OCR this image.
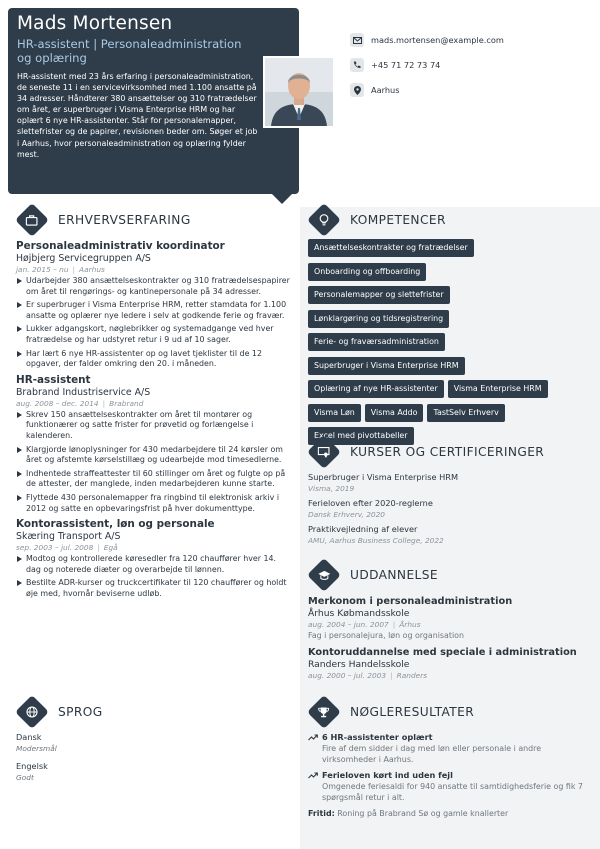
Mads Mortensen
HR-assistent | Personaleadministration og oplæring
HR-assistent med 23 års erfaring i personaleadministration, de seneste 11 i en servicevirksomhed med 1.100 ansatte på 34 adresser. Håndterer 380 ansættelser og 310 fratrædelser om året, er superbruger i Visma Enterprise HRM og har oplært 6 nye HR-assistenter. Står for personalemapper, slettefrister og de papirer, revisionen beder om. Søger et job i Aarhus, hvor personaleadministration og oplæring fylder mest.
mads.mortensen@example.com
+45 71 72 73 74
Aarhus
ERHVERVSERFARING
Personaleadministrativ koordinator
Højbjerg Servicegruppen A/S
jan. 2015 – nu | Aarhus
Udarbejder 380 ansættelseskontrakter og 310 fratrædelsespapirer om året til rengørings- og kantinepersonale på 34 adresser.
Er superbruger i Visma Enterprise HRM, retter stamdata for 1.100 ansatte og oplærer nye ledere i selv at godkende ferie og fravær.
Lukker adgangskort, nøglebrikker og systemadgange ved hver fratrædelse og har udstyret retur i 9 ud af 10 sager.
Har lært 6 nye HR-assistenter op og lavet tjeklister til de 12 opgaver, der falder omkring den 20. i måneden.
HR-assistent
Brabrand Industriservice A/S
aug. 2008 – dec. 2014 | Brabrand
Skrev 150 ansættelseskontrakter om året til montører og funktionærer og satte frister for prøvetid og forlængelse i kalenderen.
Klargjorde lønoplysninger for 430 medarbejdere til 24 kørsler om året og afstemte kørselstillæg og udearbejde mod timesedlerne.
Indhentede straffeattester til 60 stillinger om året og fulgte op på de attester, der manglede, inden medarbejderen kunne starte.
Flyttede 430 personalemapper fra ringbind til elektronisk arkiv i 2012 og satte en opbevaringsfrist på hver dokumenttype.
Kontorassistent, løn og personale
Skæring Transport A/S
sep. 2003 – jul. 2008 | Egå
Modtog og kontrollerede køresedler fra 120 chauffører hver 14. dag og noterede diæter og overarbejde til lønnen.
Bestilte ADR-kurser og truckcertifikater til 120 chauffører og holdt øje med, hvornår beviserne udløb.
SPROG
Dansk
Modersmål
Engelsk
Godt
KOMPETENCER
Ansættelseskontrakter og fratrædelser
Onboarding og offboarding
Personalemapper og slettefrister
Lønklargøring og tidsregistrering
Ferie- og fraværsadministration
Superbruger i Visma Enterprise HRM
Oplæring af nye HR-assistenter Visma Enterprise HRM
Visma Løn Visma Addo TastSelv Erhverv
Excel med pivottabeller
KURSER OG CERTIFICERINGER
Superbruger i Visma Enterprise HRM
Visma, 2019
Ferieloven efter 2020-reglerne
Dansk Erhverv, 2020
Praktikvejledning af elever
AMU, Aarhus Business College, 2022
UDDANNELSE
Merkonom i personaleadministration
Århus Købmandsskole
aug. 2004 – jun. 2007 | Århus
Fag i personalejura, løn og organisation
Kontoruddannelse med speciale i administration
Randers Handelsskole
aug. 2000 – jul. 2003 | Randers
NØGLERESULTATER
6 HR-assistenter oplært
Fire af dem sidder i dag med løn eller personale i andre virksomheder i Aarhus.
Ferieloven kørt ind uden fejl
Omgenede feriesaldi for 940 ansatte til samtidighedsferie og fik 7 spørgsmål retur i alt.
Fritid: Roning på Brabrand Sø og gamle knallerter
